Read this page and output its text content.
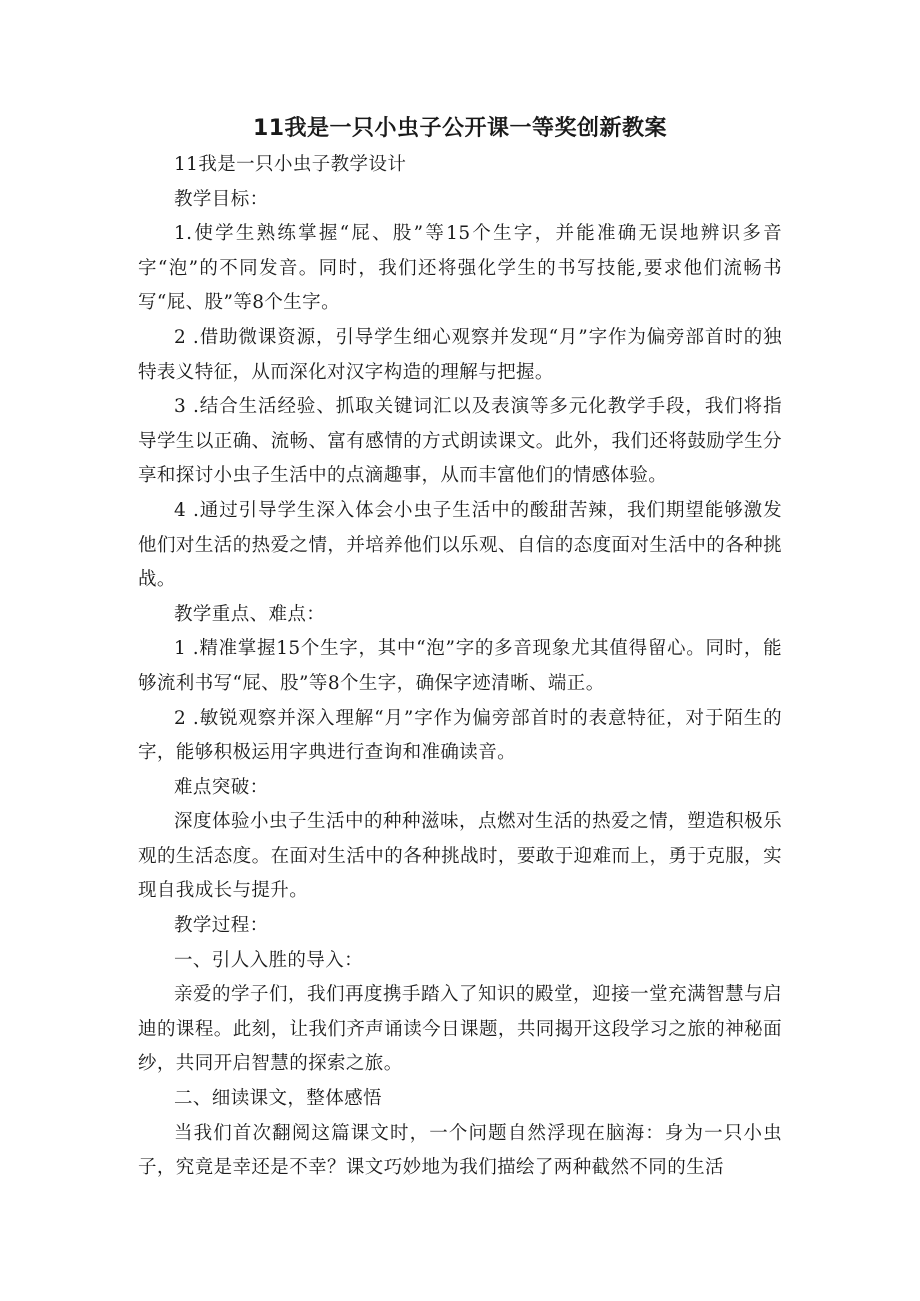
11我是一只小虫子公开课一等奖创新教案

11我是一只小虫子教学设计

教学目标：

1.使学生熟练掌握“屁、股”等15个生字，并能准确无误地辨识多音字“泡”的不同发音。同时，我们还将强化学生的书写技能,要求他们流畅书写“屁、股”等8个生字。

2 .借助微课资源，引导学生细心观察并发现“月”字作为偏旁部首时的独特表义特征，从而深化对汉字构造的理解与把握。

3 .结合生活经验、抓取关键词汇以及表演等多元化教学手段，我们将指导学生以正确、流畅、富有感情的方式朗读课文。此外，我们还将鼓励学生分享和探讨小虫子生活中的点滴趣事，从而丰富他们的情感体验。

4 .通过引导学生深入体会小虫子生活中的酸甜苦辣，我们期望能够激发他们对生活的热爱之情，并培养他们以乐观、自信的态度面对生活中的各种挑战。

教学重点、难点：

1 .精准掌握15个生字，其中“泡”字的多音现象尤其值得留心。同时，能够流利书写“屁、股”等8个生字，确保字迹清晰、端正。

2 .敏锐观察并深入理解“月”字作为偏旁部首时的表意特征，对于陌生的字，能够积极运用字典进行查询和准确读音。

难点突破：

深度体验小虫子生活中的种种滋味，点燃对生活的热爱之情，塑造积极乐观的生活态度。在面对生活中的各种挑战时，要敢于迎难而上，勇于克服，实现自我成长与提升。

教学过程：

一、引人入胜的导入：

亲爱的学子们，我们再度携手踏入了知识的殿堂，迎接一堂充满智慧与启迪的课程。此刻，让我们齐声诵读今日课题，共同揭开这段学习之旅的神秘面纱，共同开启智慧的探索之旅。

二、细读课文，整体感悟

当我们首次翻阅这篇课文时，一个问题自然浮现在脑海：身为一只小虫子，究竟是幸还是不幸？课文巧妙地为我们描绘了两种截然不同的生活
